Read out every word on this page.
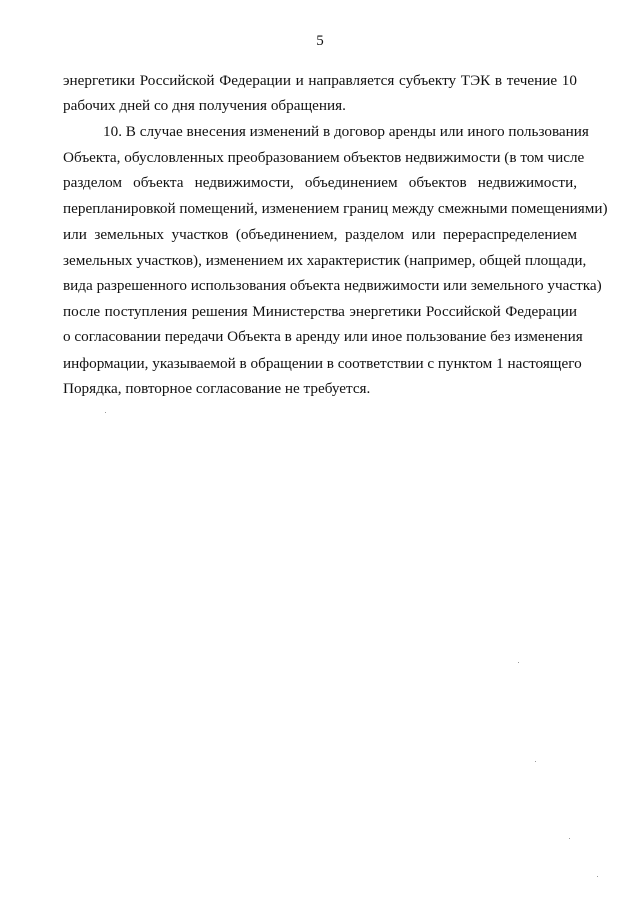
5
энергетики Российской Федерации и направляется субъекту ТЭК в течение 10
рабочих дней со дня получения обращения.
10. В случае внесения изменений в договор аренды или иного пользования
Объекта, обусловленных преобразованием объектов недвижимости (в том числе
разделом объекта недвижимости, объединением объектов недвижимости,
перепланировкой помещений, изменением границ между смежными помещениями)
или земельных участков (объединением, разделом или перераспределением
земельных участков), изменением их характеристик (например, общей площади,
вида разрешенного использования объекта недвижимости или земельного участка)
после поступления решения Министерства энергетики Российской Федерации
о согласовании передачи Объекта в аренду или иное пользование без изменения
информации, указываемой в обращении в соответствии с пунктом 1 настоящего
Порядка, повторное согласование не требуется.
